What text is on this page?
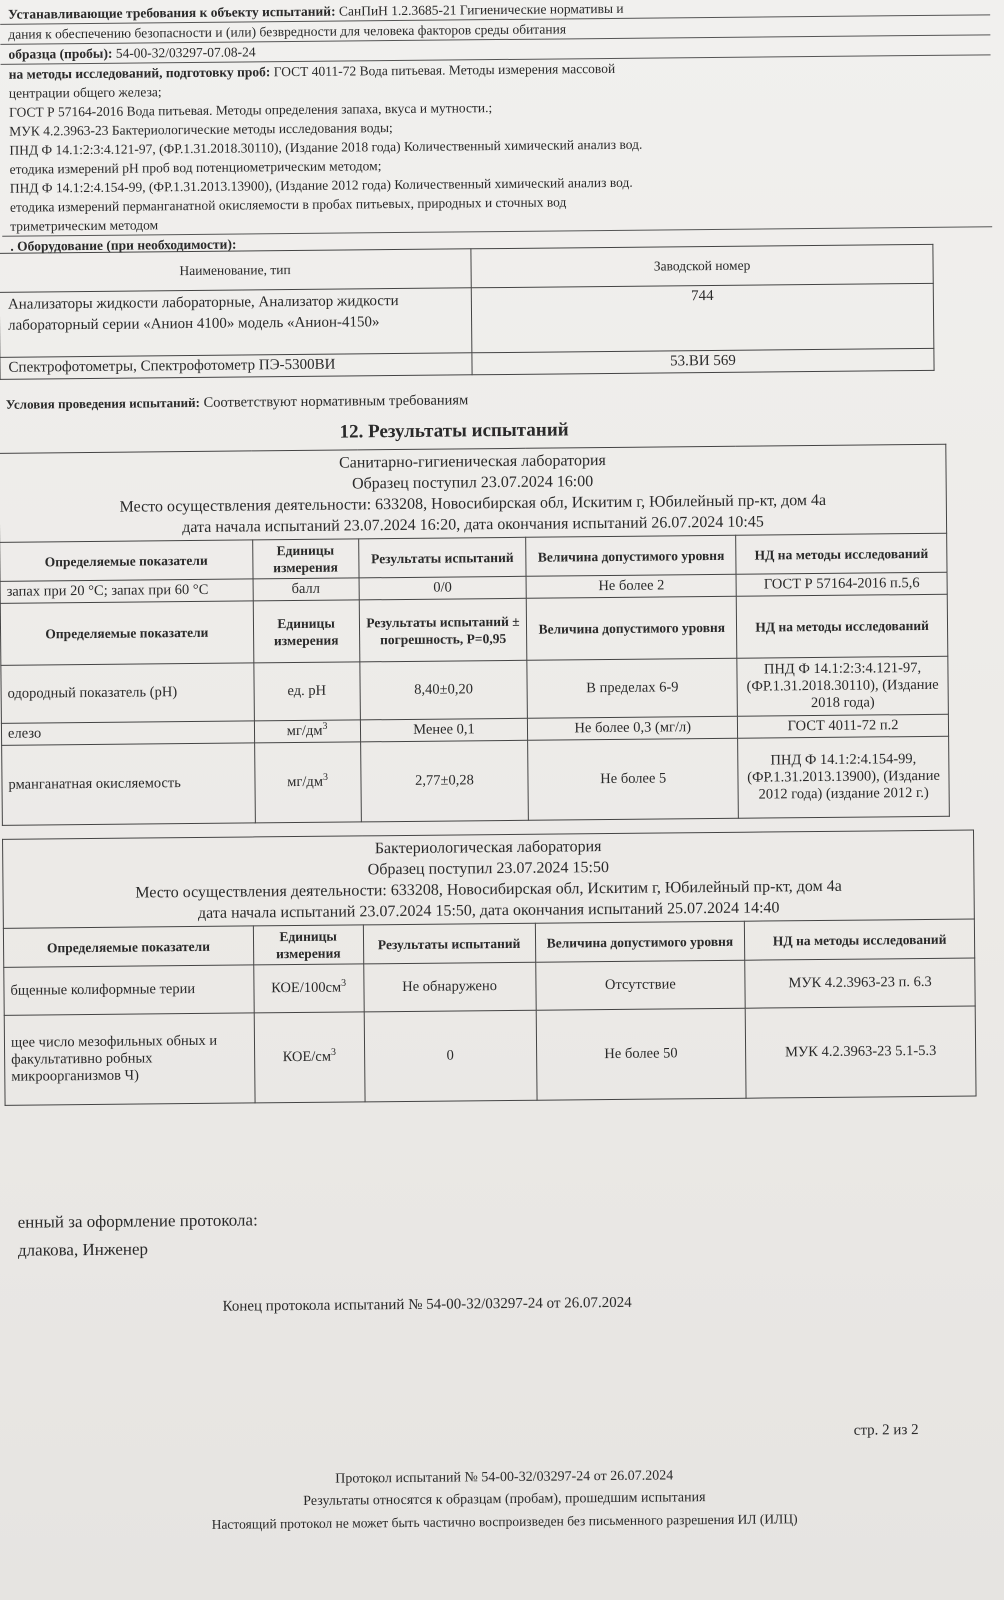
Устанавливающие требования к объекту испытаний: СанПиН 1.2.3685-21 Гигиенические нормативы и
дания к обеспечению безопасности и (или) безвредности для человека факторов среды обитания
образца (пробы): 54-00-32/03297-07.08-24
на методы исследований, подготовку проб: ГОСТ 4011-72 Вода питьевая. Методы измерения массовой
центрации общего железа;
ГОСТ Р 57164-2016 Вода питьевая. Методы определения запаха, вкуса и мутности.;
МУК 4.2.3963-23 Бактериологические методы исследования воды;
ПНД Ф 14.1:2:3:4.121-97, (ФР.1.31.2018.30110), (Издание 2018 года) Количественный химический анализ вод.
етодика измерений pH проб вод потенциометрическим методом;
ПНД Ф 14.1:2:4.154-99, (ФР.1.31.2013.13900), (Издание 2012 года) Количественный химический анализ вод.
етодика измерений перманганатной окисляемости в пробах питьевых, природных и сточных вод
триметрическим методом
. Оборудование (при необходимости):
Наименование, тип	Заводской номер
Анализаторы жидкости лабораторные, Анализатор жидкости лабораторный серии «Анион 4100» модель «Анион-4150»	744
Спектрофотометры, Спектрофотометр ПЭ-5300ВИ	53.ВИ 569
Условия проведения испытаний: Соответствуют нормативным требованиям
12. Результаты испытаний
Санитарно-гигиеническая лаборатория
Образец поступил 23.07.2024 16:00
Место осуществления деятельности: 633208, Новосибирская обл, Искитим г, Юбилейный пр-кт, дом 4а
дата начала испытаний 23.07.2024 16:20, дата окончания испытаний 26.07.2024 10:45				

Определяемые показатели	Единицы измерения	Результаты испытаний	Величина допустимого уровня	НД на методы исследований
запах при 20 °С; запах при 60 °С	балл	0/0	Не более 2	ГОСТ Р 57164-2016 п.5,6
Определяемые показатели	Единицы измерения	Результаты испытаний ± погрешность, Р=0,95	Величина допустимого уровня	НД на методы исследований
одородный показатель (pH)	ед. pH	8,40±0,20	В пределах 6-9	ПНД Ф 14.1:2:3:4.121-97, (ФР.1.31.2018.30110), (Издание 2018 года)
елезо	$мг/дм^3$	Менее 0,1	Не более 0,3 (мг/л)	ГОСТ 4011-72 п.2
рманганатная окисляемость	$мг/дм^3$	2,77±0,28	Не более 5	ПНД Ф 14.1:2:4.154-99, (ФР.1.31.2013.13900), (Издание 2012 года) (издание 2012 г.)
Бактериологическая лаборатория
Образец поступил 23.07.2024 15:50
Место осуществления деятельности: 633208, Новосибирская обл, Искитим г, Юбилейный пр-кт, дом 4а
дата начала испытаний 23.07.2024 15:50, дата окончания испытаний 25.07.2024 14:40				

Определяемые показатели	Единицы измерения	Результаты испытаний	Величина допустимого уровня	НД на методы исследований
бщенные колиформные терии	КОЕ/$100см^3$	Не обнаружено	Отсутствие	МУК 4.2.3963-23 п. 6.3
щее число мезофильных обных и факультативно робных микроорганизмов Ч)	КОЕ/$см^3$	0	Не более 50	МУК 4.2.3963-23 5.1-5.3
енный за оформление протокола:
длакова, Инженер
Конец протокола испытаний № 54-00-32/03297-24 от 26.07.2024
стр. 2 из 2
Протокол испытаний № 54-00-32/03297-24 от 26.07.2024
Результаты относятся к образцам (пробам), прошедшим испытания
Настоящий протокол не может быть частично воспроизведен без письменного разрешения ИЛ (ИЛЦ)
